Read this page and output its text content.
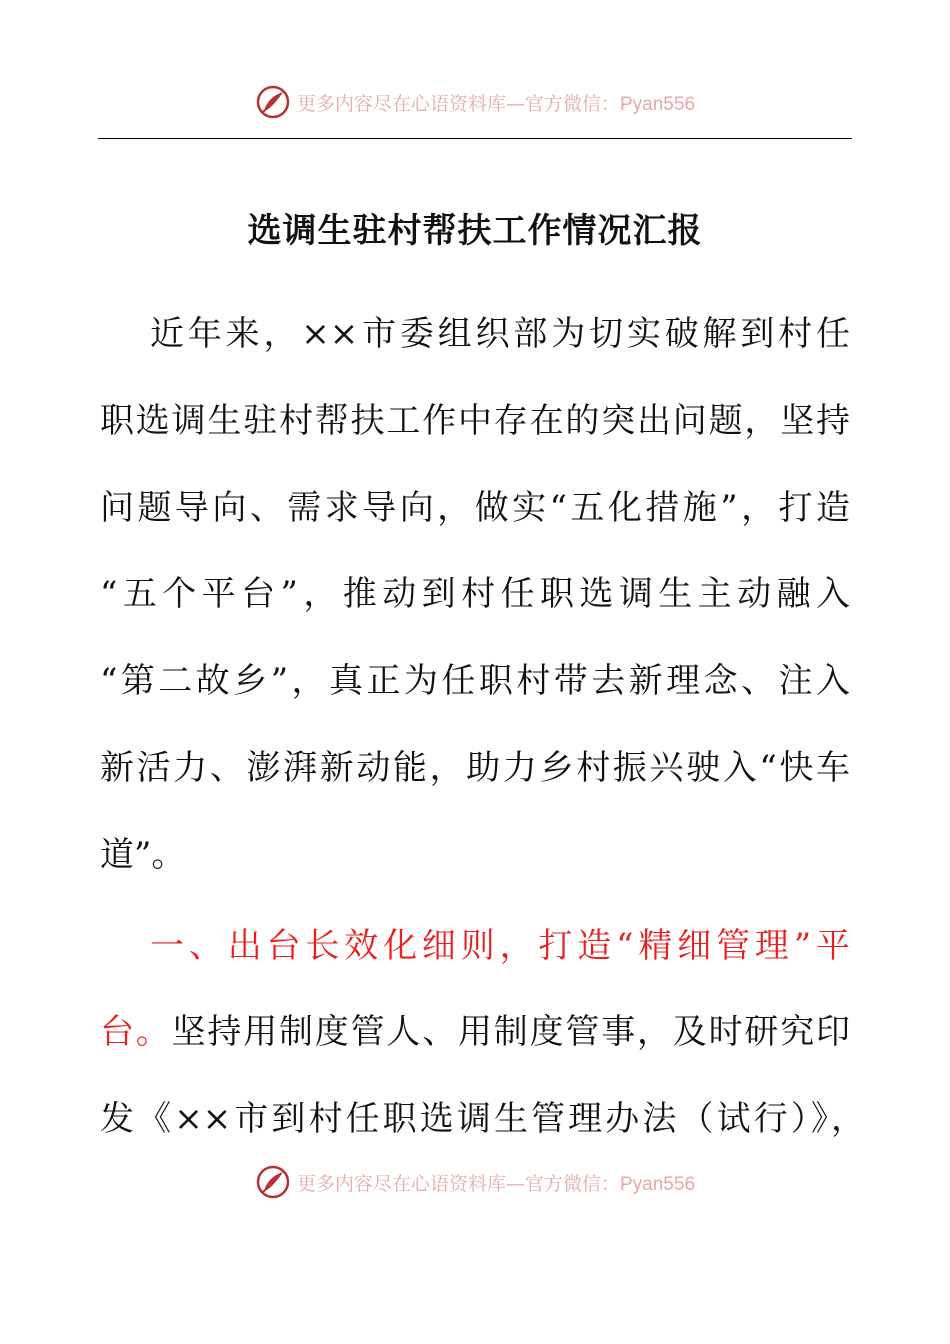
更多内容尽在心语资料库—官方微信：Pyan556
选调生驻村帮扶工作情况汇报

近年来，××市委组织部为切实破解到村任

职选调生驻村帮扶工作中存在的突出问题，坚持

问题导向、需求导向，做实“五化措施”，打造

“五个平台”，推动到村任职选调生主动融入

“第二故乡”，真正为任职村带去新理念、注入

新活力、澎湃新动能，助力乡村振兴驶入“快车

道”。

一、出台长效化细则，打造“精细管理”平

台。坚持用制度管人、用制度管事，及时研究印

发《××市到村任职选调生管理办法（试行）》，

更多内容尽在心语资料库—官方微信：Pyan556
